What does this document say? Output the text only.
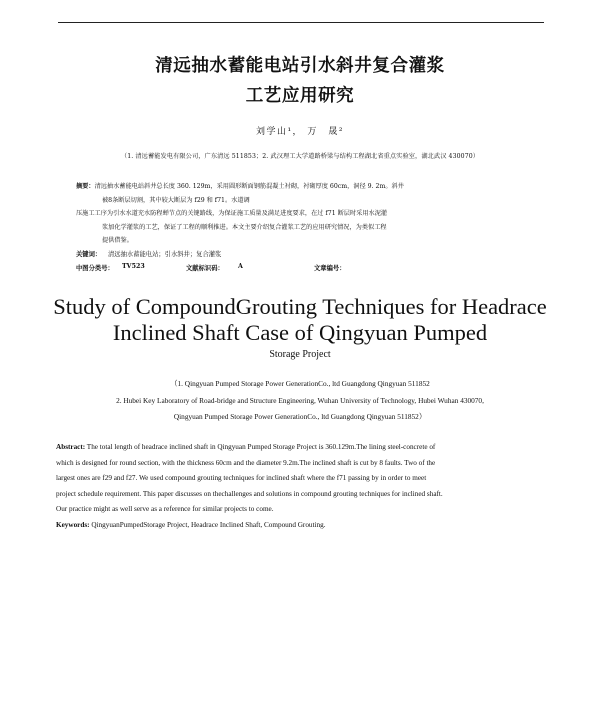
清远抽水蓄能电站引水斜井复合灌浆
工艺应用研究
刘学山¹， 万　晟²
（1. 清远蓄能发电有限公司，广东清远 511853；2. 武汉理工大学道路桥梁与结构工程湖北省重点实验室，湖北武汉 430070）
摘要：清远抽水蓄能电站斜井总长度 360. 129m，采用圆形断面钢筋混凝土衬砌，衬砌厚度 60cm，洞径 9. 2m。斜井
被8条断层切割，其中较大断层为 f29 和 f71。水道调
压施工工序为引水水道充水防程蝉节点的关键路线，为保证施工质量及满足进度要求，在过 f71 断层时采用水泥灌
浆加化学灌浆的工艺，保证了工程的顺利推进。本文主要介绍复合灌浆工艺的应用研究情况，为类似工程
提供借鉴。
关键词： 清远抽水蓄能电站；引水斜井；复合灌浆
中图分类号： TV523	文献标识码： A	文章编号：
Study of CompoundGrouting Techniques for Headrace
Inclined Shaft Case of Qingyuan Pumped
Storage Project
（1. Qingyuan Pumped Storage Power GenerationCo., ltd Guangdong Qingyuan 511852
2. Hubei Key Laboratory of Road-bridge and Structure Engineering, Wuhan University of Technology, Hubei Wuhan 430070,
Qingyuan Pumped Storage Power GenerationCo., ltd Guangdong Qingyuan 511852）
Abstract: The total length of headrace inclined shaft in Qingyuan Pumped Storage Project is 360.129m.The lining steel-concrete of
which is designed for round section, with the thickness 60cm and the diameter 9.2m.The inclined shaft is cut by 8 faults. Two of the
largest ones are f29 and f27. We used compound grouting techniques for inclined shaft where the f71 passing by in order to meet
project schedule requirement. This paper discusses on thechallenges and solutions in compound grouting techniques for inclined shaft.
Our practice might as well serve as a reference for similar projects to come.
Keywords: QingyuanPumpedStorage Project, Headrace Inclined Shaft, Compound Grouting.
